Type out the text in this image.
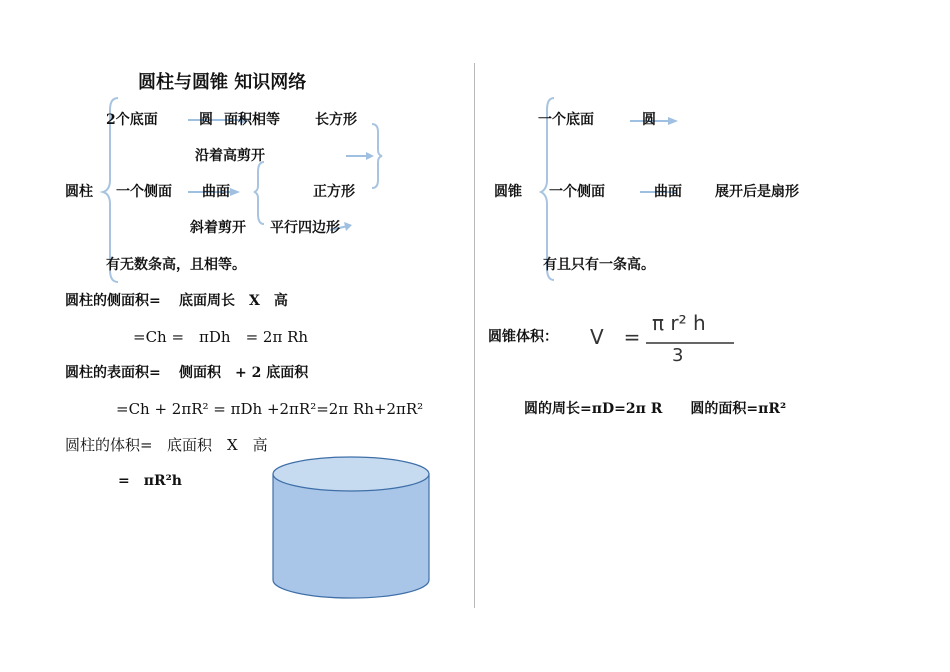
圆柱与圆锥 知识网络
2个底面	圆 面积相等	长方形
沿着高剪开
圆柱 一个侧面 曲面	正方形
斜着剪开 平行四边形
有无数条高，且相等。
圆柱的侧面积= 底面周长　X　高
=Ch =　πDh　= 2π Rh
圆柱的表面积= 侧面积　+ 2 底面积
=Ch + 2πR² = πDh +2πR²=2π Rh+2πR²
圆柱的体积= 底面积　X　高
=　πR²h
一个底面	圆
圆锥 一个侧面	曲面 展开后是扇形
有且只有一条高。
圆锥体积： V　=
π r² h
3
圆的周长=πD=2π R　　圆的面积=πR²
